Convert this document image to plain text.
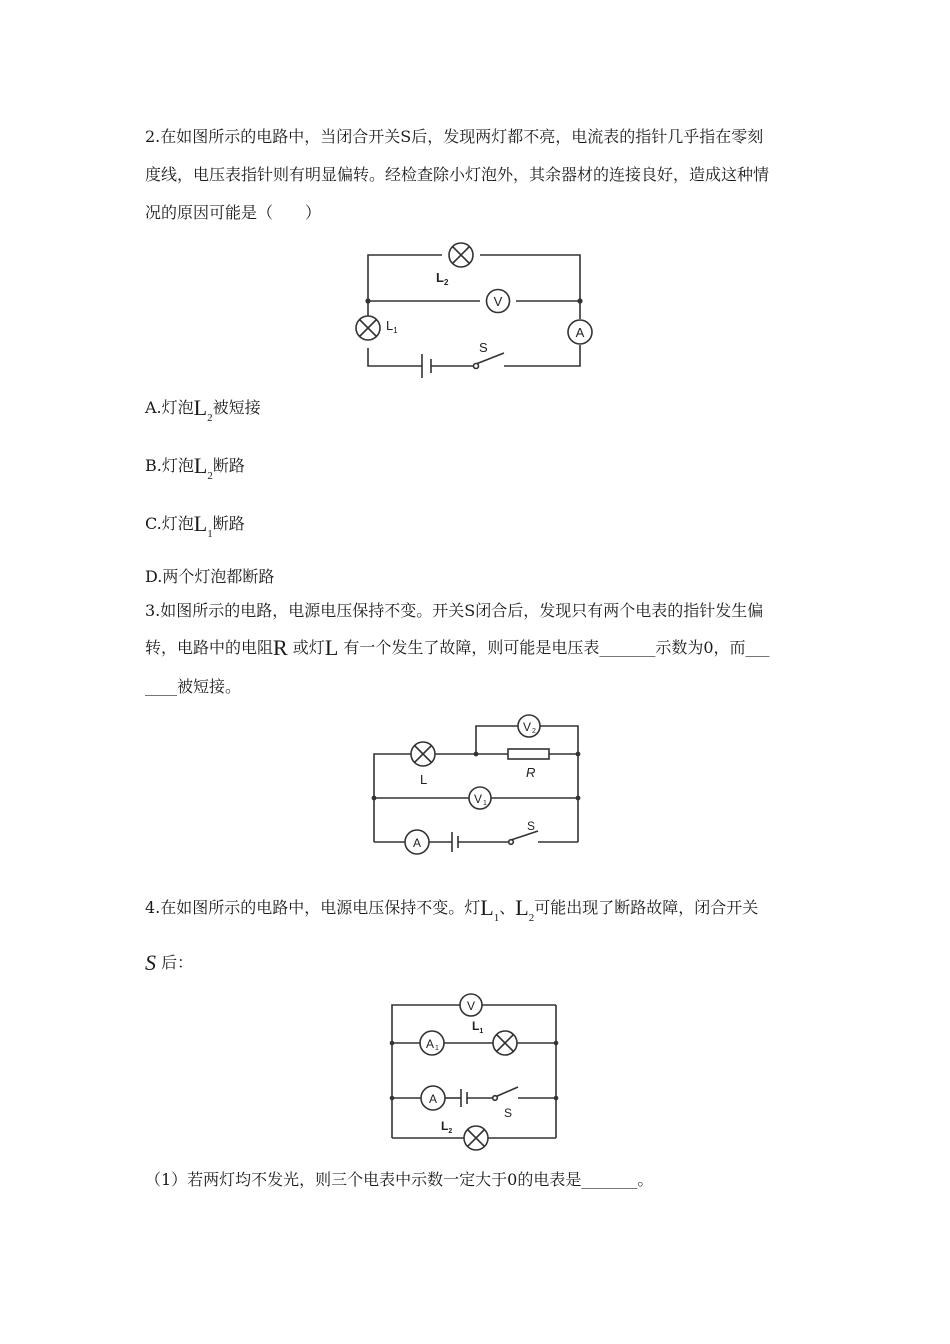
2.在如图所示的电路中，当闭合开关S后，发现两灯都不亮，电流表的指针几乎指在零刻
度线，电压表指针则有明显偏转。经检查除小灯泡外，其余器材的连接良好，造成这种情
况的原因可能是（　　）
V
A
$L_2$
$L_1$
S
A.灯泡$L_2$被短接
B.灯泡$L_2$断路
C.灯泡$L_1$断路
D.两个灯泡都断路
3.如图所示的电路，电源电压保持不变。开关S闭合后，发现只有两个电表的指针发生偏
转，电路中的电阻R 或灯L 有一个发生了故障，则可能是电压表_______示数为0，而___
____被短接。
V 2
R
L
V 1
A
S
4.在如图所示的电路中，电源电压保持不变。灯$L_1$、$L_2$可能出现了断路故障，闭合开关
S 后：
V
A 1
$L_1$
A
S
$L_2$
（1）若两灯均不发光，则三个电表中示数一定大于0的电表是_______。
